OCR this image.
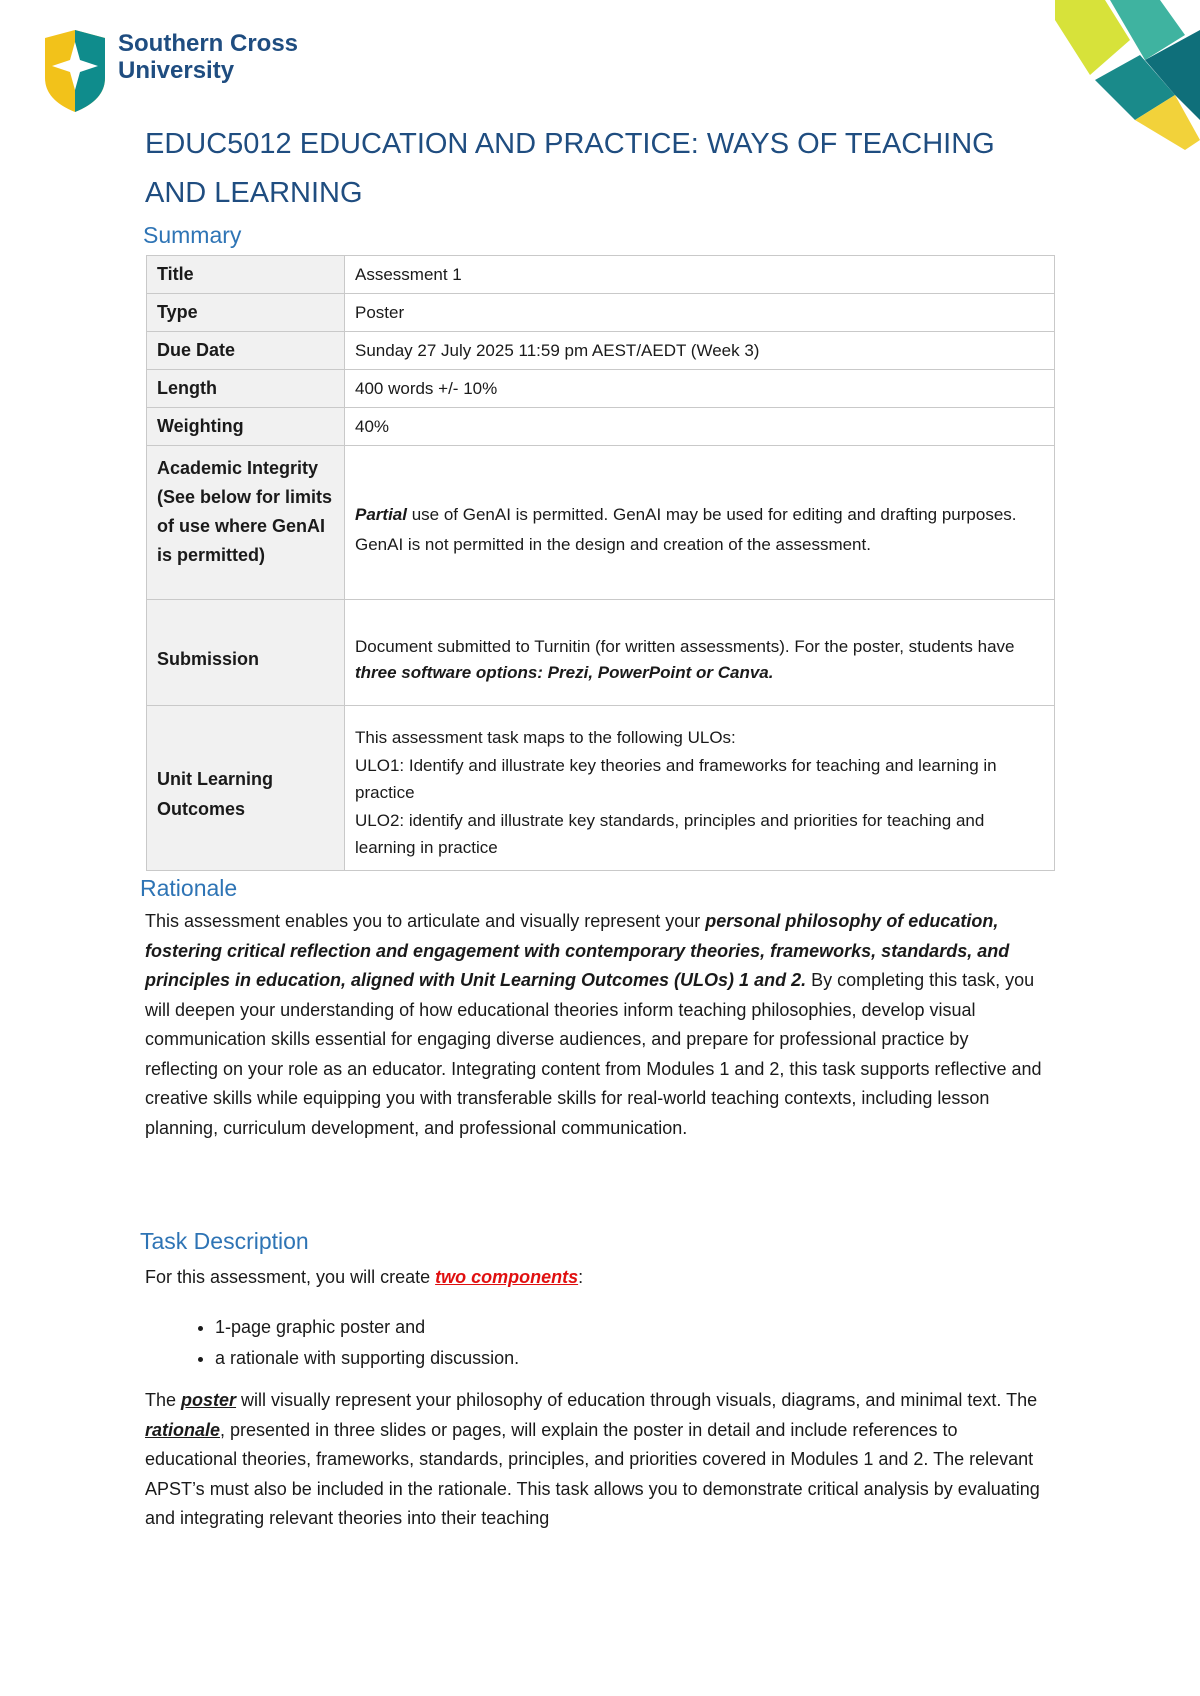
Southern Cross
University
EDUC5012 EDUCATION AND PRACTICE: WAYS OF TEACHING AND LEARNING
Summary
Title	Assessment 1
Type	Poster
Due Date	Sunday 27 July 2025 11:59 pm AEST/AEDT (Week 3)
Length	400 words +/- 10%
Weighting	40%
Academic Integrity (See below for limits of use where GenAI is permitted)	Partial use of GenAI is permitted. GenAI may be used for editing and drafting purposes. GenAI is not permitted in the design and creation of the assessment.
Submission	Document submitted to Turnitin (for written assessments). For the poster, students have three software options: Prezi, PowerPoint or Canva.
Unit Learning Outcomes	This assessment task maps to the following ULOs:
ULO1: Identify and illustrate key theories and frameworks for teaching and learning in practice
ULO2: identify and illustrate key standards, principles and priorities for teaching and learning in practice
Rationale

This assessment enables you to articulate and visually represent your personal philosophy of education, fostering critical reflection and engagement with contemporary theories, frameworks, standards, and principles in education, aligned with Unit Learning Outcomes (ULOs) 1 and 2. By completing this task, you will deepen your understanding of how educational theories inform teaching philosophies, develop visual communication skills essential for engaging diverse audiences, and prepare for professional practice by reflecting on your role as an educator. Integrating content from Modules 1 and 2, this task supports reflective and creative skills while equipping you with transferable skills for real-world teaching contexts, including lesson planning, curriculum development, and professional communication.

Task Description

For this assessment, you will create two components:

• 1-page graphic poster and
• a rationale with supporting discussion.

The poster will visually represent your philosophy of education through visuals, diagrams, and minimal text. The rationale, presented in three slides or pages, will explain the poster in detail and include references to educational theories, frameworks, standards, principles, and priorities covered in Modules 1 and 2. The relevant APST’s must also be included in the rationale. This task allows you to demonstrate critical analysis by evaluating and integrating relevant theories into their teaching
